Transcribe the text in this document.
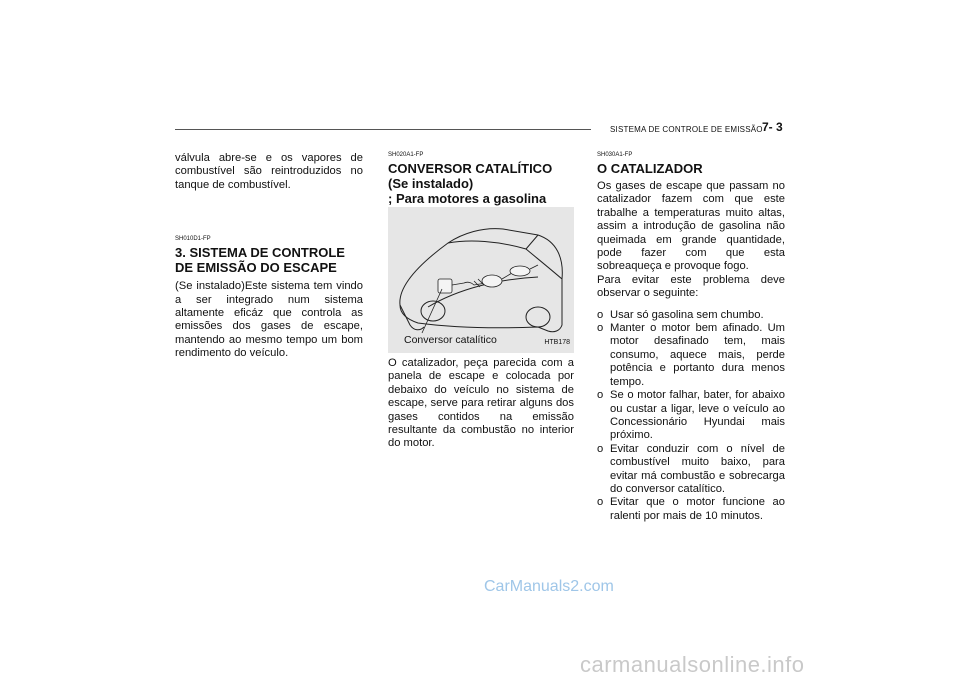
SISTEMA DE CONTROLE DE EMISSÃO 7- 3

válvula abre-se e os vapores de combustível são reintroduzidos no tanque de combustível.

SH010D1-FP
3. SISTEMA DE CONTROLE DE EMISSÃO DO ESCAPE

(Se instalado)Este sistema tem vindo a ser integrado num sistema altamente eficáz que controla as emissões dos gases de escape, mantendo ao mesmo tempo um bom rendimento do veículo.

SH020A1-FP
CONVERSOR CATALÍTICO
(Se instalado)
; Para motores a gasolina
Conversor catalítico	HTB178

O catalizador, peça parecida com a panela de escape e colocada por debaixo do veículo no sistema de escape, serve para retirar alguns dos gases contidos na emissão resultante da combustão no interior do motor.

SH030A1-FP
O CATALIZADOR

Os gases de escape que passam no catalizador fazem com que este trabalhe a temperaturas muito altas, assim a introdução de gasolina não queimada em grande quantidade, pode fazer com que esta sobreaqueça e provoque fogo.

Para evitar este problema deve observar o seguinte:

o Usar só gasolina sem chumbo.
o Manter o motor bem afinado. Um motor desafinado tem, mais consumo, aquece mais, perde potência e portanto dura menos tempo.
o Se o motor falhar, bater, for abaixo ou custar a ligar, leve o veículo ao Concessionário Hyundai mais próximo.
o Evitar conduzir com o nível de combustível muito baixo, para evitar má combustão e sobrecarga do conversor catalítico.
o Evitar que o motor funcione ao ralenti por mais de 10 minutos.
CarManuals2.com
carmanualsonline.info
